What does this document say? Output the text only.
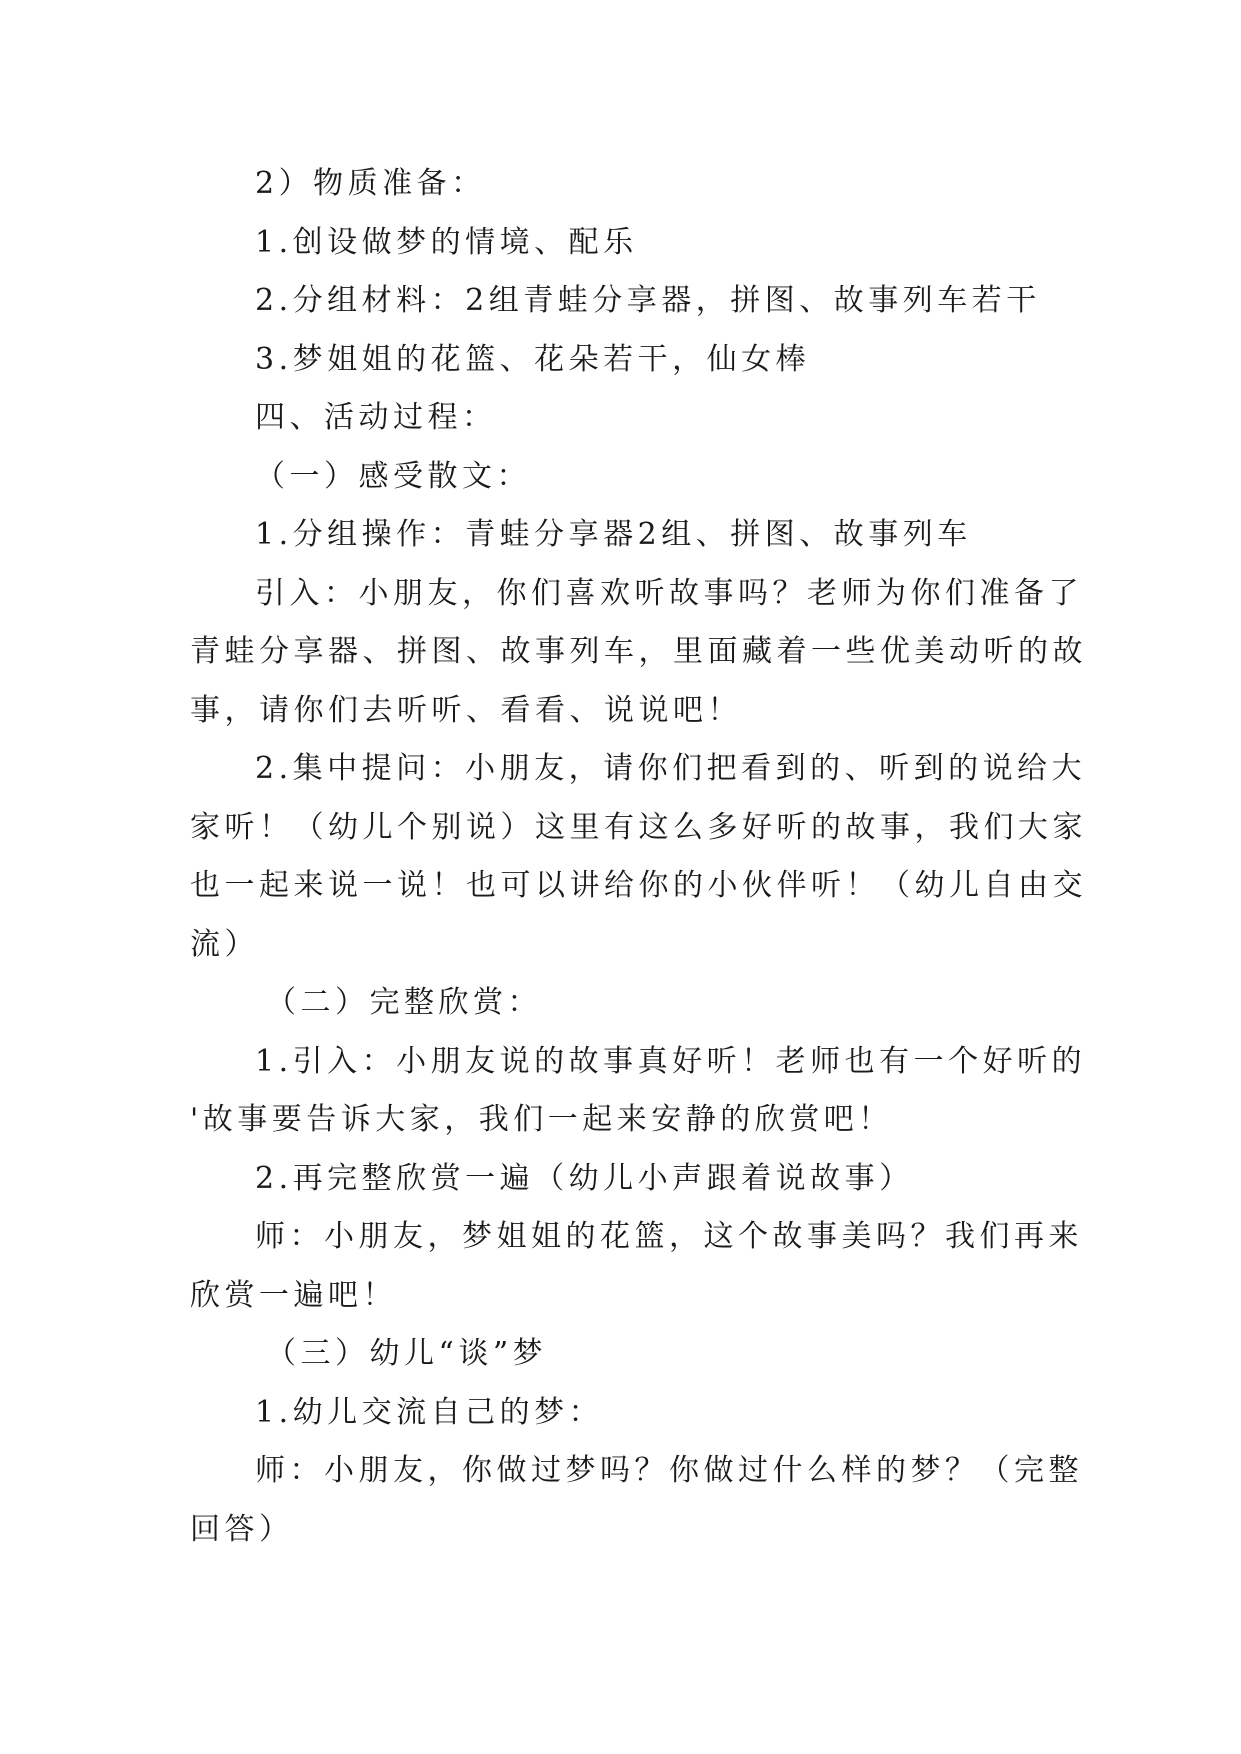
2）物质准备：
1.创设做梦的情境、配乐
2.分组材料：2组青蛙分享器，拼图、故事列车若干
3.梦姐姐的花篮、花朵若干，仙女棒
四、活动过程：
（一）感受散文：
1.分组操作：青蛙分享器2组、拼图、故事列车
引入：小朋友，你们喜欢听故事吗？老师为你们准备了
青蛙分享器、拼图、故事列车，里面藏着一些优美动听的故
事，请你们去听听、看看、说说吧！
2.集中提问：小朋友，请你们把看到的、听到的说给大
家听！（幼儿个别说）这里有这么多好听的故事，我们大家
也一起来说一说！也可以讲给你的小伙伴听！（幼儿自由交
流）
（二）完整欣赏：
1.引入：小朋友说的故事真好听！老师也有一个好听的
'故事要告诉大家，我们一起来安静的欣赏吧！
2.再完整欣赏一遍（幼儿小声跟着说故事）
师：小朋友，梦姐姐的花篮，这个故事美吗？我们再来
欣赏一遍吧！
（三）幼儿“谈”梦
1.幼儿交流自己的梦：
师：小朋友，你做过梦吗？你做过什么样的梦？（完整
回答）
